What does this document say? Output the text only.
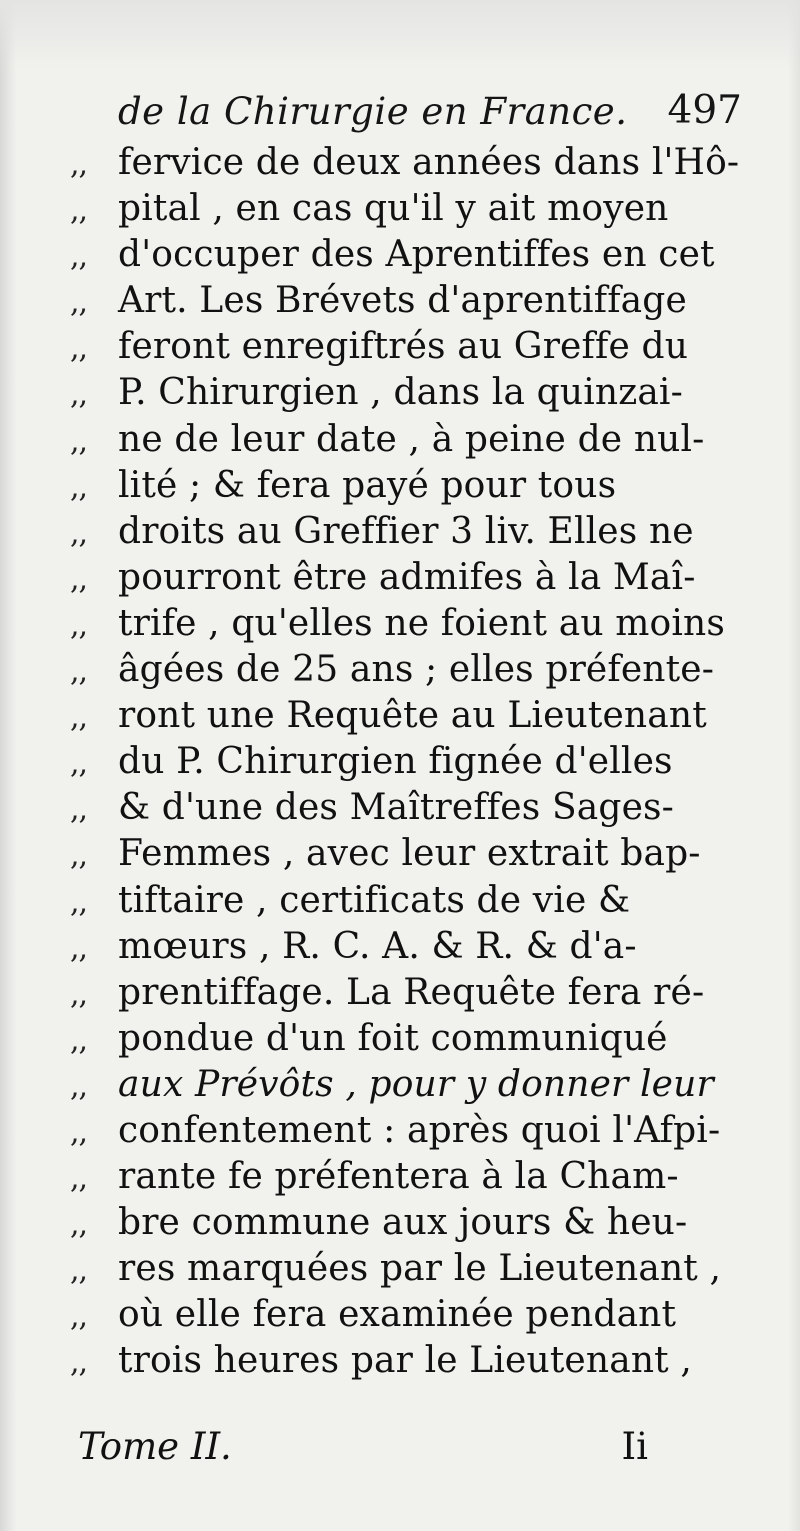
de la Chirurgie en France. 497
,, fervice de deux années dans l'Hô-
,, pital , en cas qu'il y ait moyen
,, d'occuper des Aprentiffes en cet
,, Art. Les Brévets d'aprentiffage
,, feront enregiftrés au Greffe du
,, P. Chirurgien , dans la quinzai-
,, ne de leur date , à peine de nul-
,, lité ; & fera payé pour tous
,, droits au Greffier 3 liv. Elles ne
,, pourront être admifes à la Maî-
,, trife , qu'elles ne foient au moins
,, âgées de 25 ans ; elles préfente-
,, ront une Requête au Lieutenant
,, du P. Chirurgien fignée d'elles
,, & d'une des Maîtreffes Sages-
,, Femmes , avec leur extrait bap-
,, tiftaire , certificats de vie &
,, mœurs , R. C. A. & R. & d'a-
,, prentiffage. La Requête fera ré-
,, pondue d'un foit communiqué
,, aux Prévôts , pour y donner leur
,, confentement : après quoi l'Afpi-
,, rante fe préfentera à la Cham-
,, bre commune aux jours & heu-
,, res marquées par le Lieutenant ,
,, où elle fera examinée pendant
,, trois heures par le Lieutenant ,
Tome II.	Ii
